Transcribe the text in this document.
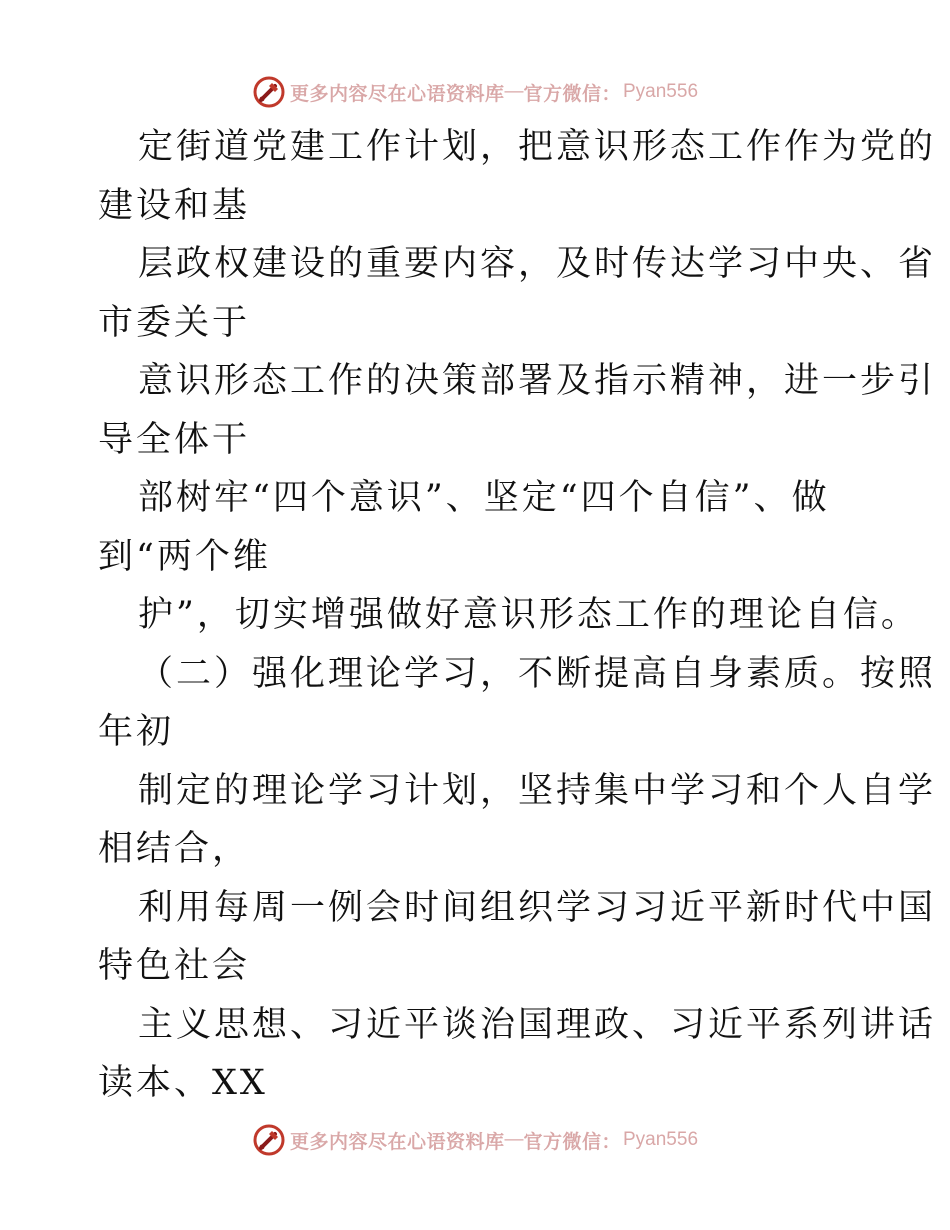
更多内容尽在心语资料库 — 官方微信： Pyan556
定街道党建工作计划，把意识形态工作作为党的
建设和基
层政权建设的重要内容，及时传达学习中央、省
市委关于
意识形态工作的决策部署及指示精神，进一步引
导全体干
部树牢“四个意识”、坚定“四个自信”、做
到“两个维
护”，切实增强做好意识形态工作的理论自信。
（二）强化理论学习，不断提高自身素质。按照
年初
制定的理论学习计划，坚持集中学习和个人自学
相结合，
利用每周一例会时间组织学习习近平新时代中国
特色社会
主义思想、习近平谈治国理政、习近平系列讲话
读本、XX
更多内容尽在心语资料库 — 官方微信： Pyan556
